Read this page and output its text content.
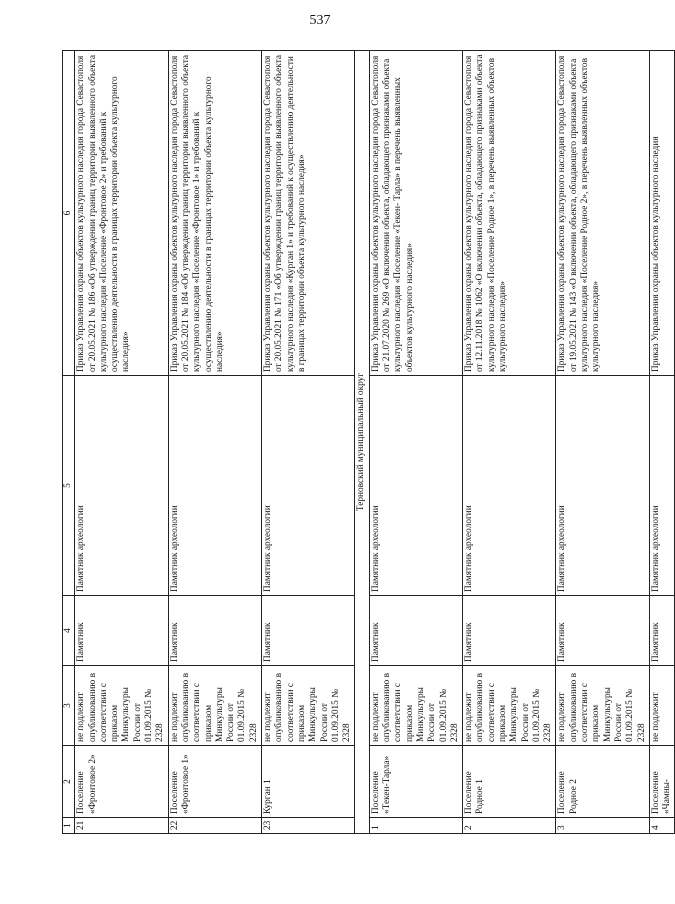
537
1	2	3	4	5	6
21	Поселение «Фронтовое 2»	не подлежит опубликованию в соответствии с приказом Минкультуры России от 01.09.2015 № 2328	Памятник	Памятник археологии	Приказ Управления охраны объектов культурного наследия города Севастополя от 20.05.2021 № 186 «Об утверждении границ территории выявленного объекта культурного наследия «Поселение «Фронтовое 2» и требований к осуществлению деятельности в границах территории объекта культурного наследия»
22	Поселение «Фронтовое 1»	не подлежит опубликованию в соответствии с приказом Минкультуры России от 01.09.2015 № 2328	Памятник	Памятник археологии	Приказ Управления охраны объектов культурного наследия города Севастополя от 20.05.2021 № 184 «Об утверждении границ территории выявленного объекта культурного наследия «Поселение «Фронтовое 1» и требований к осуществлению деятельности в границах территории объекта культурного наследия»
23	Курган 1	не подлежит опубликованию в соответствии с приказом Минкультуры России от 01.09.2015 № 2328	Памятник	Памятник археологии	Приказ Управления охраны объектов культурного наследия города Севастополя от 20.05.2021 № 171 «Об утверждении границ территории выявленного объекта культурного наследия «Курган 1» и требований к осуществлению деятельности в границах территории объекта культурного наследия»
Терновский муниципальный округ					
1	Поселение «Текен-Тарла»	не подлежит опубликованию в соответствии с приказом Минкультуры России от 01.09.2015 № 2328	Памятник	Памятник археологии	Приказ Управления охраны объектов культурного наследия города Севастополя от 21.07.2020 № 269 «О включении объекта, обладающего признаками объекта культурного наследия «Поселение «Текен- Тарла» в перечень выявленных объектов культурного наследия»
2	Поселение Родное 1	не подлежит опубликованию в соответствии с приказом Минкультуры России от 01.09.2015 № 2328	Памятник	Памятник археологии	Приказ Управления охраны объектов культурного наследия города Севастополя от 12.11.2018 № 1062 «О включении объекта, обладающего признаками объекта культурного наследия «Поселение Родное 1», в перечень выявленных объектов культурного наследия»
3	Поселение Родное 2	не подлежит опубликованию в соответствии с приказом Минкультуры России от 01.09.2015 № 2328	Памятник	Памятник археологии	Приказ Управления охраны объектов культурного наследия города Севастополя от 19.05.2021 № 143 «О включении объекта, обладающего признаками объекта культурного наследия «Поселение Родное 2», в перечень выявленных объектов культурного наследия»
4	Поселение «Чамны-	не подлежит	Памятник	Памятник археологии	Приказ Управления охраны объектов культурного наследия
